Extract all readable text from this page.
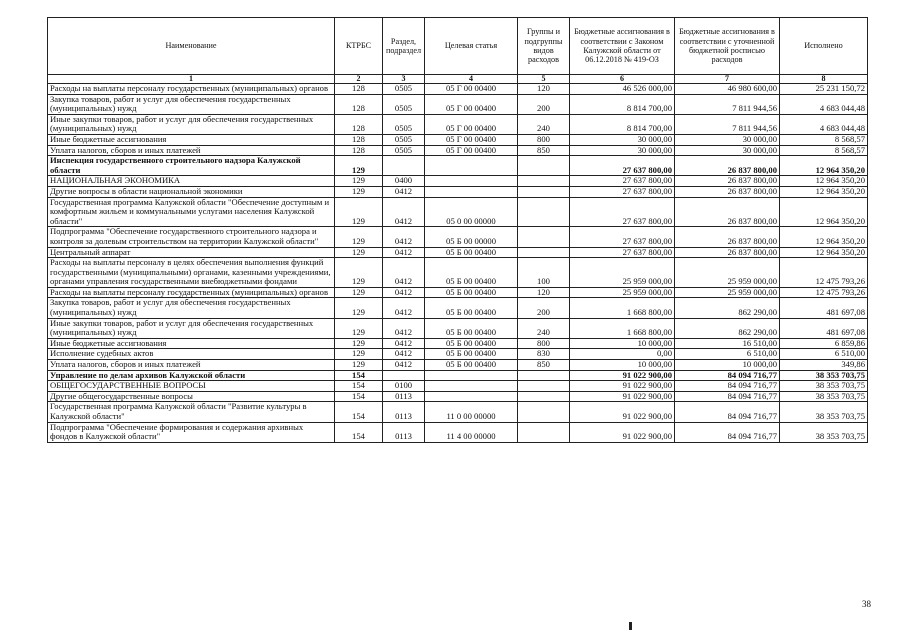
Наименование	КТРБС	Раздел, подраздел	Целевая статья	Группы и подгруппы видов расходов	Бюджетные ассигнования в соответствии с Законом Калужской области от 06.12.2018 № 419-ОЗ	Бюджетные ассигнования в соответствии с уточненной бюджетной росписью расходов	Исполнено
1	2	3	4	5	6	7	8
Расходы на выплаты персоналу государственных (муниципальных) органов	128	0505	05 Г 00 00400	120	46 526 000,00	46 980 600,00	25 231 150,72
Закупка товаров, работ и услуг для обеспечения государственных (муниципальных) нужд	128	0505	05 Г 00 00400	200	8 814 700,00	7 811 944,56	4 683 044,48
Иные закупки товаров, работ и услуг для обеспечения государственных (муниципальных) нужд	128	0505	05 Г 00 00400	240	8 814 700,00	7 811 944,56	4 683 044,48
Иные бюджетные ассигнования	128	0505	05 Г 00 00400	800	30 000,00	30 000,00	8 568,57
Уплата налогов, сборов и иных платежей	128	0505	05 Г 00 00400	850	30 000,00	30 000,00	8 568,57
Инспекция государственного строительного надзора Калужской области	129				27 637 800,00	26 837 800,00	12 964 350,20
НАЦИОНАЛЬНАЯ ЭКОНОМИКА	129	0400			27 637 800,00	26 837 800,00	12 964 350,20
Другие вопросы в области национальной экономики	129	0412			27 637 800,00	26 837 800,00	12 964 350,20
Государственная программа Калужской области "Обеспечение доступным и комфортным жильем и коммунальными услугами населения Калужской области"	129	0412	05 0 00 00000		27 637 800,00	26 837 800,00	12 964 350,20
Подпрограмма "Обеспечение государственного строительного надзора и контроля за долевым строительством на территории Калужской области"	129	0412	05 Б 00 00000		27 637 800,00	26 837 800,00	12 964 350,20
Центральный аппарат	129	0412	05 Б 00 00400		27 637 800,00	26 837 800,00	12 964 350,20
Расходы на выплаты персоналу в целях обеспечения выполнения функций государственными (муниципальными) органами, казенными учреждениями, органами управления государственными внебюджетными фондами	129	0412	05 Б 00 00400	100	25 959 000,00	25 959 000,00	12 475 793,26
Расходы на выплаты персоналу государственных (муниципальных) органов	129	0412	05 Б 00 00400	120	25 959 000,00	25 959 000,00	12 475 793,26
Закупка товаров, работ и услуг для обеспечения государственных (муниципальных) нужд	129	0412	05 Б 00 00400	200	1 668 800,00	862 290,00	481 697,08
Иные закупки товаров, работ и услуг для обеспечения государственных (муниципальных) нужд	129	0412	05 Б 00 00400	240	1 668 800,00	862 290,00	481 697,08
Иные бюджетные ассигнования	129	0412	05 Б 00 00400	800	10 000,00	16 510,00	6 859,86
Исполнение судебных актов	129	0412	05 Б 00 00400	830	0,00	6 510,00	6 510,00
Уплата налогов, сборов и иных платежей	129	0412	05 Б 00 00400	850	10 000,00	10 000,00	349,86
Управление по делам архивов Калужской области	154				91 022 900,00	84 094 716,77	38 353 703,75
ОБЩЕГОСУДАРСТВЕННЫЕ ВОПРОСЫ	154	0100			91 022 900,00	84 094 716,77	38 353 703,75
Другие общегосударственные вопросы	154	0113			91 022 900,00	84 094 716,77	38 353 703,75
Государственная программа Калужской области "Развитие культуры в Калужской области"	154	0113	11 0 00 00000		91 022 900,00	84 094 716,77	38 353 703,75
Подпрограмма "Обеспечение формирования и содержания архивных фондов в Калужской области"	154	0113	11 4 00 00000		91 022 900,00	84 094 716,77	38 353 703,75
38
